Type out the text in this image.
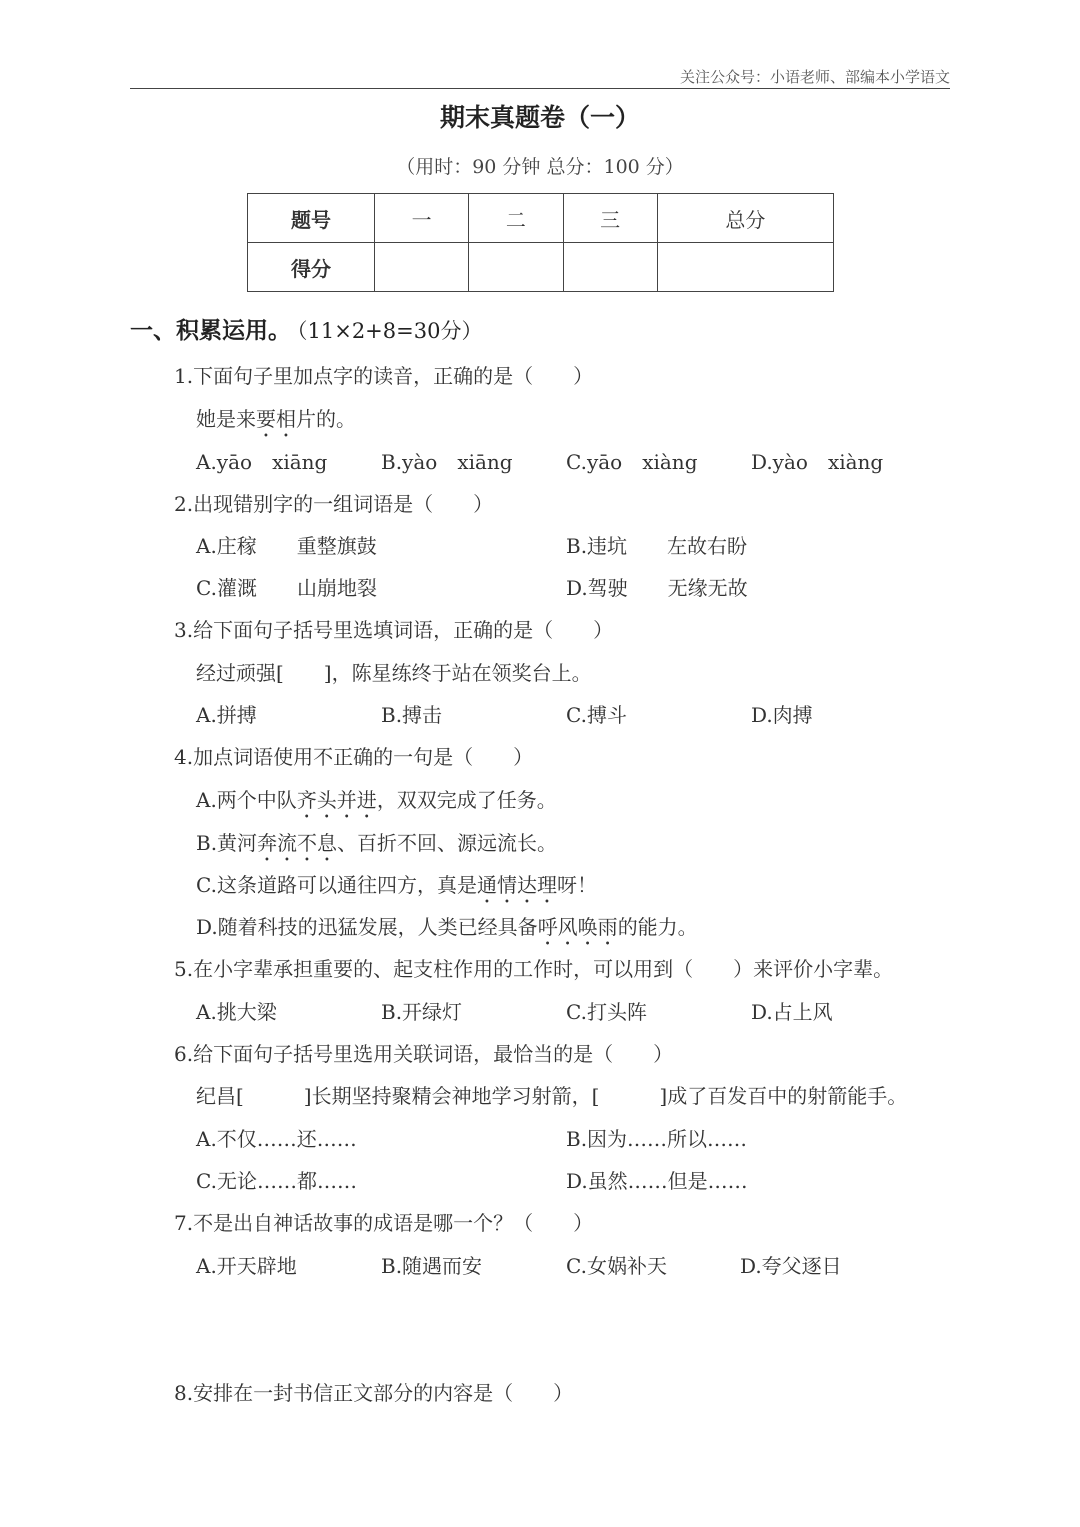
关注公众号：小语老师、部编本小学语文
期末真题卷（一）
（用时：90 分钟 总分：100 分）
题号	一	二	三	总分
得分				
一、积累运用。 （11×2+8=30分）
1.下面句子里加点字的读音，正确的是（　　）
她是来要相片的。
A.yāo　xiāng	B.yào　xiāng	C.yāo　xiàng	D.yào　xiàng
2.出现错别字的一组词语是（　　）
A.庄稼　　重整旗鼓	B.违坑　　左故右盼
C.灌溉　　山崩地裂	D.驾驶　　无缘无故
3.给下面句子括号里选填词语，正确的是（　　）
经过顽强[　　]，陈星练终于站在领奖台上。
A.拼搏	B.搏击	C.搏斗	D.肉搏
4.加点词语使用不正确的一句是（　　）
A.两个中队齐头并进，双双完成了任务。
B.黄河奔流不息、百折不回、源远流长。
C.这条道路可以通往四方，真是通情达理呀！
D.随着科技的迅猛发展，人类已经具备呼风唤雨的能力。
5.在小字辈承担重要的、起支柱作用的工作时，可以用到（　　）来评价小字辈。
A.挑大梁	B.开绿灯	C.打头阵	D.占上风
6.给下面句子括号里选用关联词语，最恰当的是（　　）
纪昌[　　　]长期坚持聚精会神地学习射箭，[　　　]成了百发百中的射箭能手。
A.不仅……还……	B.因为……所以……
C.无论……都……	D.虽然……但是……
7.不是出自神话故事的成语是哪一个？（　　）
A.开天辟地	B.随遇而安	C.女娲补天	D.夸父逐日
8.安排在一封书信正文部分的内容是（　　）
